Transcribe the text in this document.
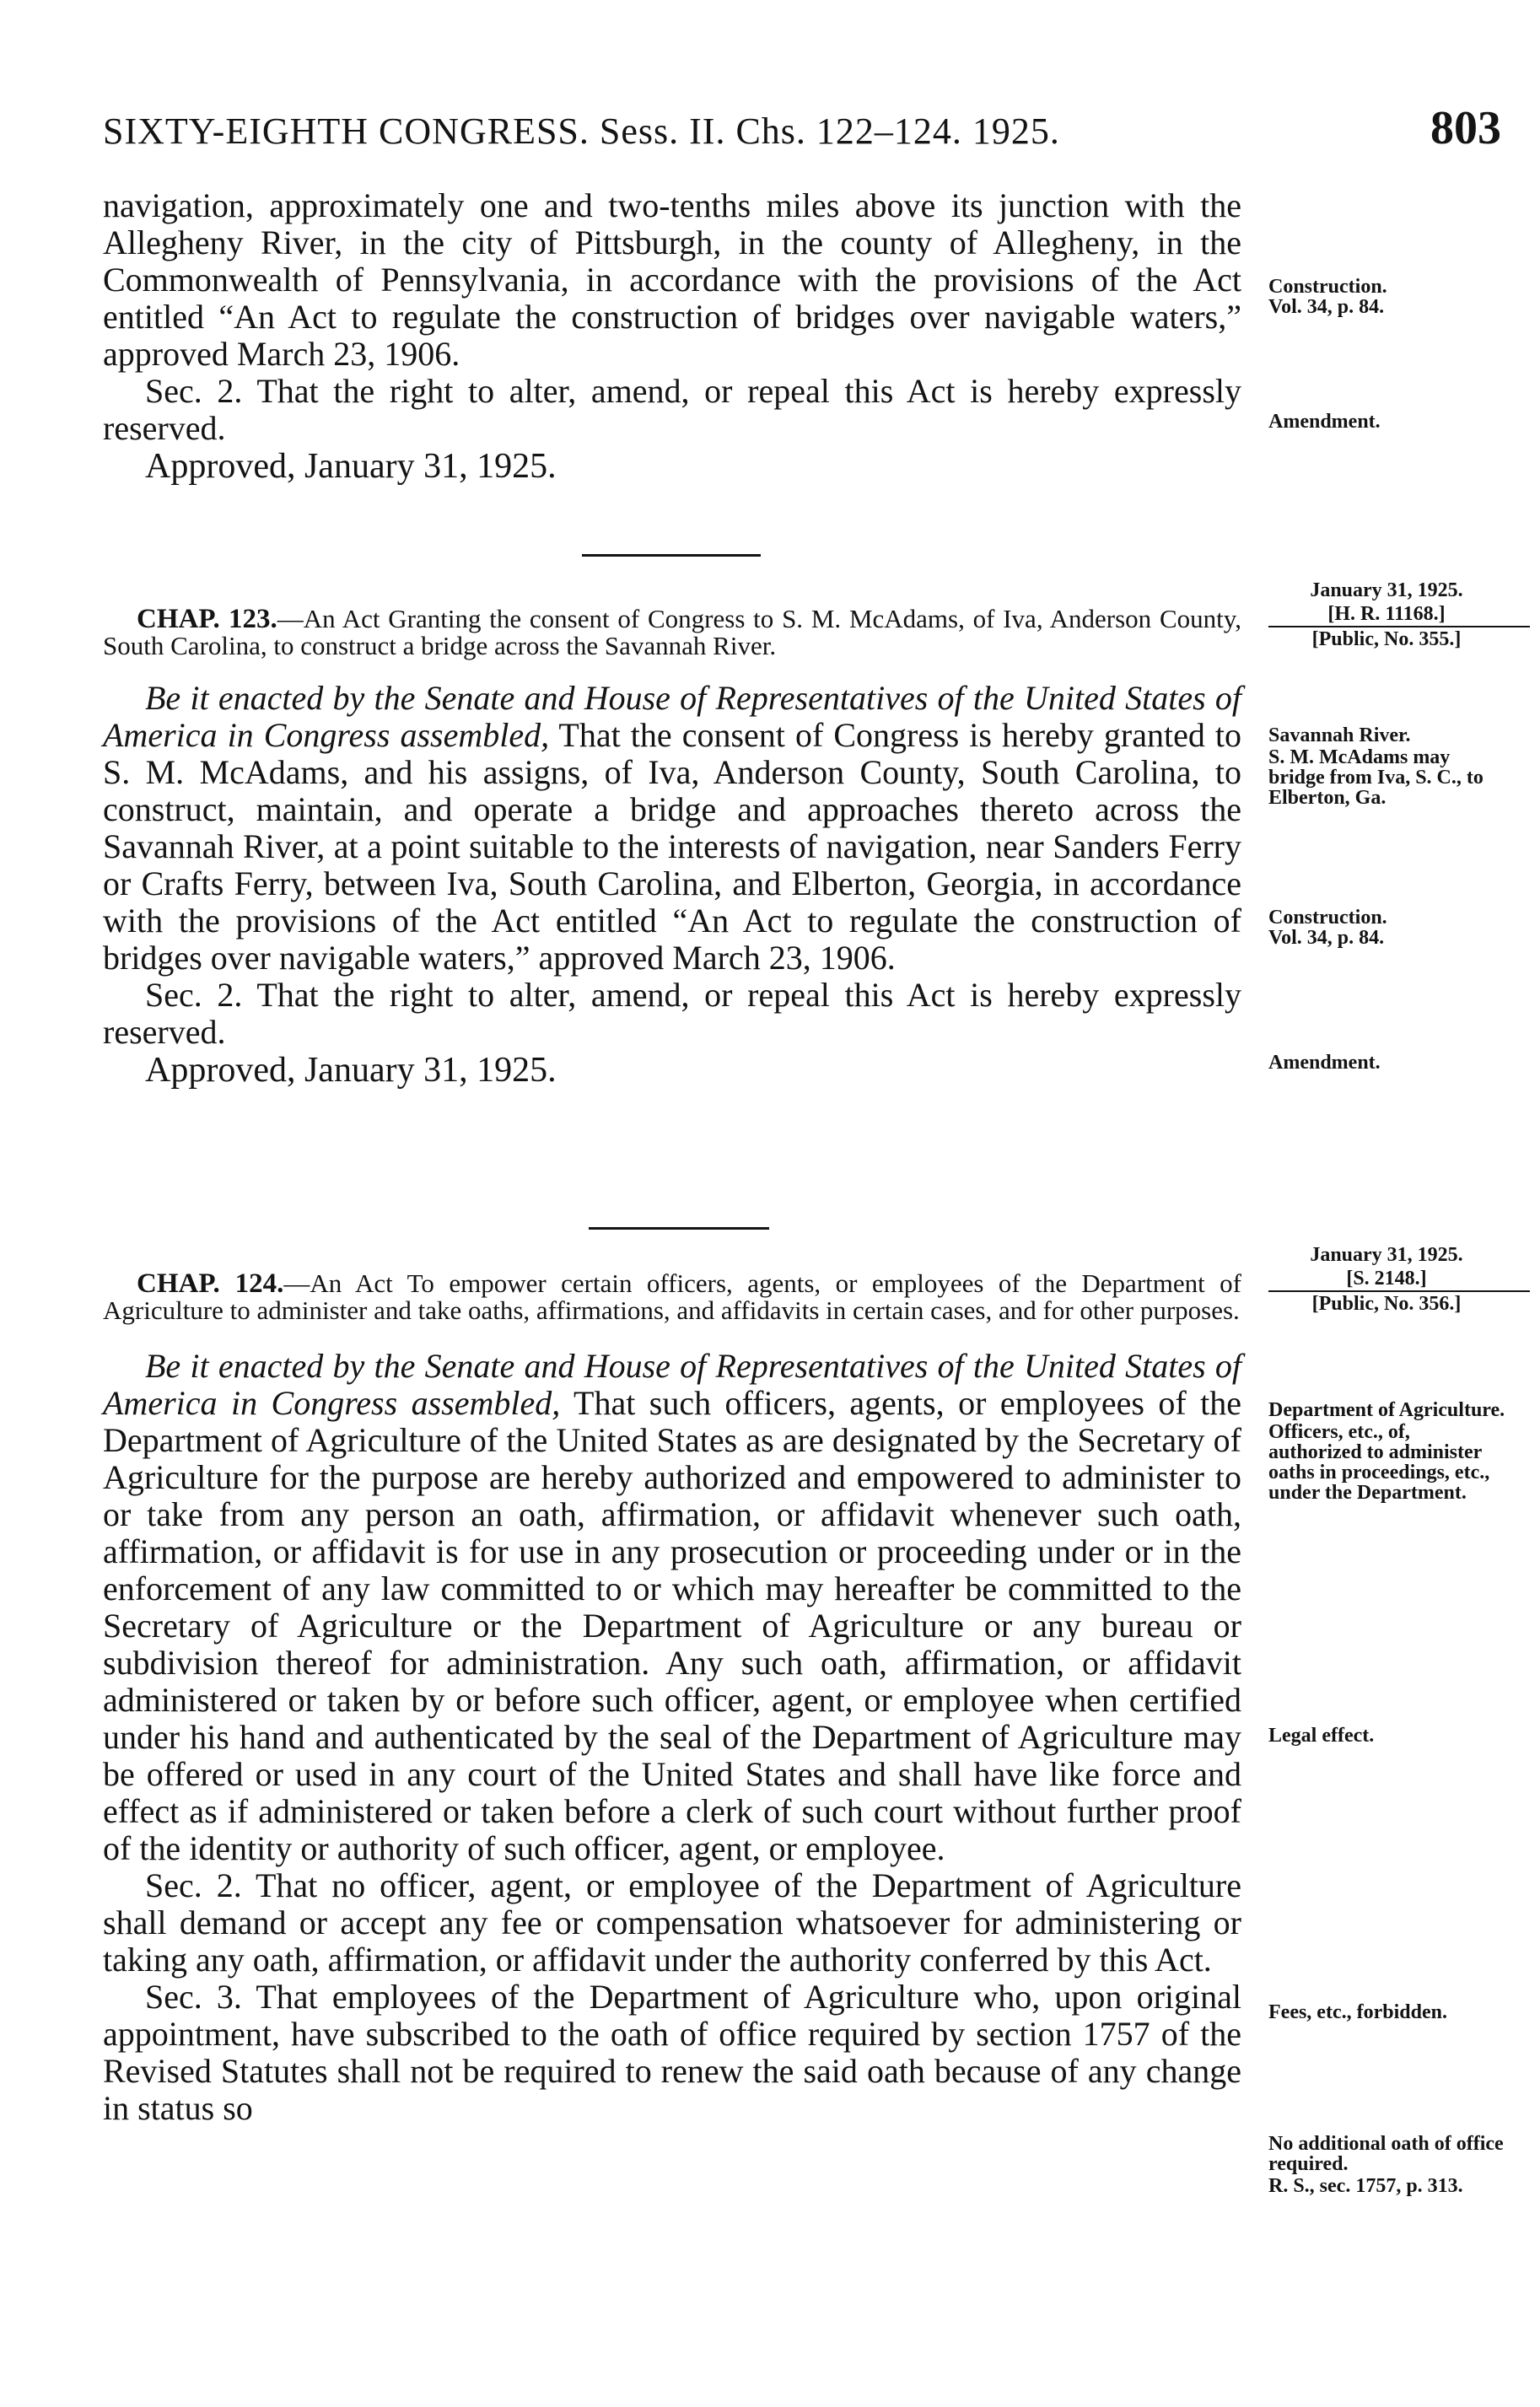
SIXTY-EIGHTH CONGRESS. Sess. II. Chs. 122–124. 1925.	803

navigation, approximately one and two-tenths miles above its junction with the Allegheny River, in the city of Pittsburgh, in the county of Allegheny, in the Commonwealth of Pennsylvania, in accordance with the provisions of the Act entitled “An Act to regulate the construction of bridges over navigable waters,” approved March 23, 1906.

Sec. 2. That the right to alter, amend, or repeal this Act is hereby expressly reserved.

Approved, January 31, 1925.

Construction.
Vol. 34, p. 84.
Amendment.
January 31, 1925.
[H. R. 11168.]
[Public, No. 355.]

CHAP. 123.—An Act Granting the consent of Congress to S. M. McAdams, of Iva, Anderson County, South Carolina, to construct a bridge across the Savannah River.

Be it enacted by the Senate and House of Representatives of the United States of America in Congress assembled, That the consent of Congress is hereby granted to S. M. McAdams, and his assigns, of Iva, Anderson County, South Carolina, to construct, maintain, and operate a bridge and approaches thereto across the Savannah River, at a point suitable to the interests of navigation, near Sanders Ferry or Crafts Ferry, between Iva, South Carolina, and Elberton, Georgia, in accordance with the provisions of the Act entitled “An Act to regulate the construction of bridges over navigable waters,” approved March 23, 1906.

Sec. 2. That the right to alter, amend, or repeal this Act is hereby expressly reserved.

Approved, January 31, 1925.

Savannah River.
S. M. McAdams may bridge from Iva, S. C., to Elberton, Ga.
Construction.
Vol. 34, p. 84.
Amendment.
January 31, 1925.
[S. 2148.]
[Public, No. 356.]

CHAP. 124.—An Act To empower certain officers, agents, or employees of the Department of Agriculture to administer and take oaths, affirmations, and affidavits in certain cases, and for other purposes.

Be it enacted by the Senate and House of Representatives of the United States of America in Congress assembled, That such officers, agents, or employees of the Department of Agriculture of the United States as are designated by the Secretary of Agriculture for the purpose are hereby authorized and empowered to administer to or take from any person an oath, affirmation, or affidavit whenever such oath, affirmation, or affidavit is for use in any prosecution or proceeding under or in the enforcement of any law committed to or which may hereafter be committed to the Secretary of Agriculture or the Department of Agriculture or any bureau or subdivision thereof for administration. Any such oath, affirmation, or affidavit administered or taken by or before such officer, agent, or employee when certified under his hand and authenticated by the seal of the Department of Agriculture may be offered or used in any court of the United States and shall have like force and effect as if administered or taken before a clerk of such court without further proof of the identity or authority of such officer, agent, or employee.

Sec. 2. That no officer, agent, or employee of the Department of Agriculture shall demand or accept any fee or compensation whatsoever for administering or taking any oath, affirmation, or affidavit under the authority conferred by this Act.

Sec. 3. That employees of the Department of Agriculture who, upon original appointment, have subscribed to the oath of office required by section 1757 of the Revised Statutes shall not be required to renew the said oath because of any change in status so

Department of Agriculture.
Officers, etc., of, authorized to administer oaths in proceedings, etc., under the Department.
Legal effect.
Fees, etc., forbidden.
No additional oath of office required.
R. S., sec. 1757, p. 313.
